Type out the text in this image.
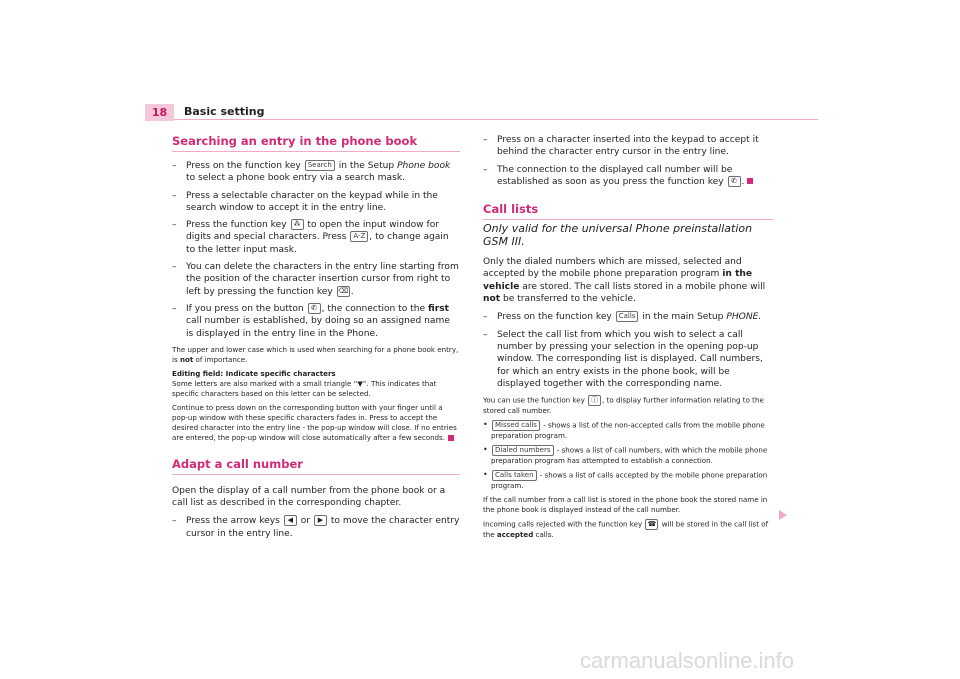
18	Basic setting
Searching an entry in the phone book
– Press on the function key Search in the Setup Phone book to select a phone book entry via a search mask.
– Press a selectable character on the keypad while in the search window to accept it in the entry line.
– Press the function key ⁂ to open the input window for digits and special characters. Press A-Z , to change again to the letter input mask.
– You can delete the characters in the entry line starting from the position of the character insertion cursor from right to left by pressing the function key ⌫ .
– If you press on the button ✆ , the connection to the first call number is established, by doing so an assigned name is displayed in the entry line in the Phone.

The upper and lower case which is used when searching for a phone book entry, is not of importance.

Editing field: Indicate specific characters

Some letters are also marked with a small triangle “▼”. This indicates that specific characters based on this letter can be selected.

Continue to press down on the corresponding button with your finger until a pop-up window with these specific characters fades in. Press to accept the desired character into the entry line - the pop-up window will close. If no entries are entered, the pop-up window will close automatically after a few seconds.

Adapt a call number

Open the display of a call number from the phone book or a call list as described in the corresponding chapter.

– Press the arrow keys ◀ or ▶ to move the character entry cursor in the entry line.
– Press on a character inserted into the keypad to accept it behind the character entry cursor in the entry line.
– The connection to the displayed call number will be established as soon as you press the function key ✆ .
Call lists

Only valid for the universal Phone preinstallation GSM III.

Only the dialed numbers which are missed, selected and accepted by the mobile phone preparation program in the vehicle are stored. The call lists stored in a mobile phone will not be transferred to the vehicle.

– Press on the function key Calls in the main Setup PHONE.
– Select the call list from which you wish to select a call number by pressing your selection in the opening pop-up window. The corresponding list is displayed. Call numbers, for which an entry exists in the phone book, will be displayed together with the corresponding name.

You can use the function key ⓘ , to display further information relating to the stored call number.

• Missed calls - shows a list of the non-accepted calls from the mobile phone preparation program.

• Dialed numbers - shows a list of call numbers, with which the mobile phone preparation program has attempted to establish a connection.

• Calls taken - shows a list of calls accepted by the mobile phone preparation program.

If the call number from a call list is stored in the phone book the stored name in the phone book is displayed instead of the call number.

Incoming calls rejected with the function key ☎ will be stored in the call list of the accepted calls.

carmanualsonline.info
